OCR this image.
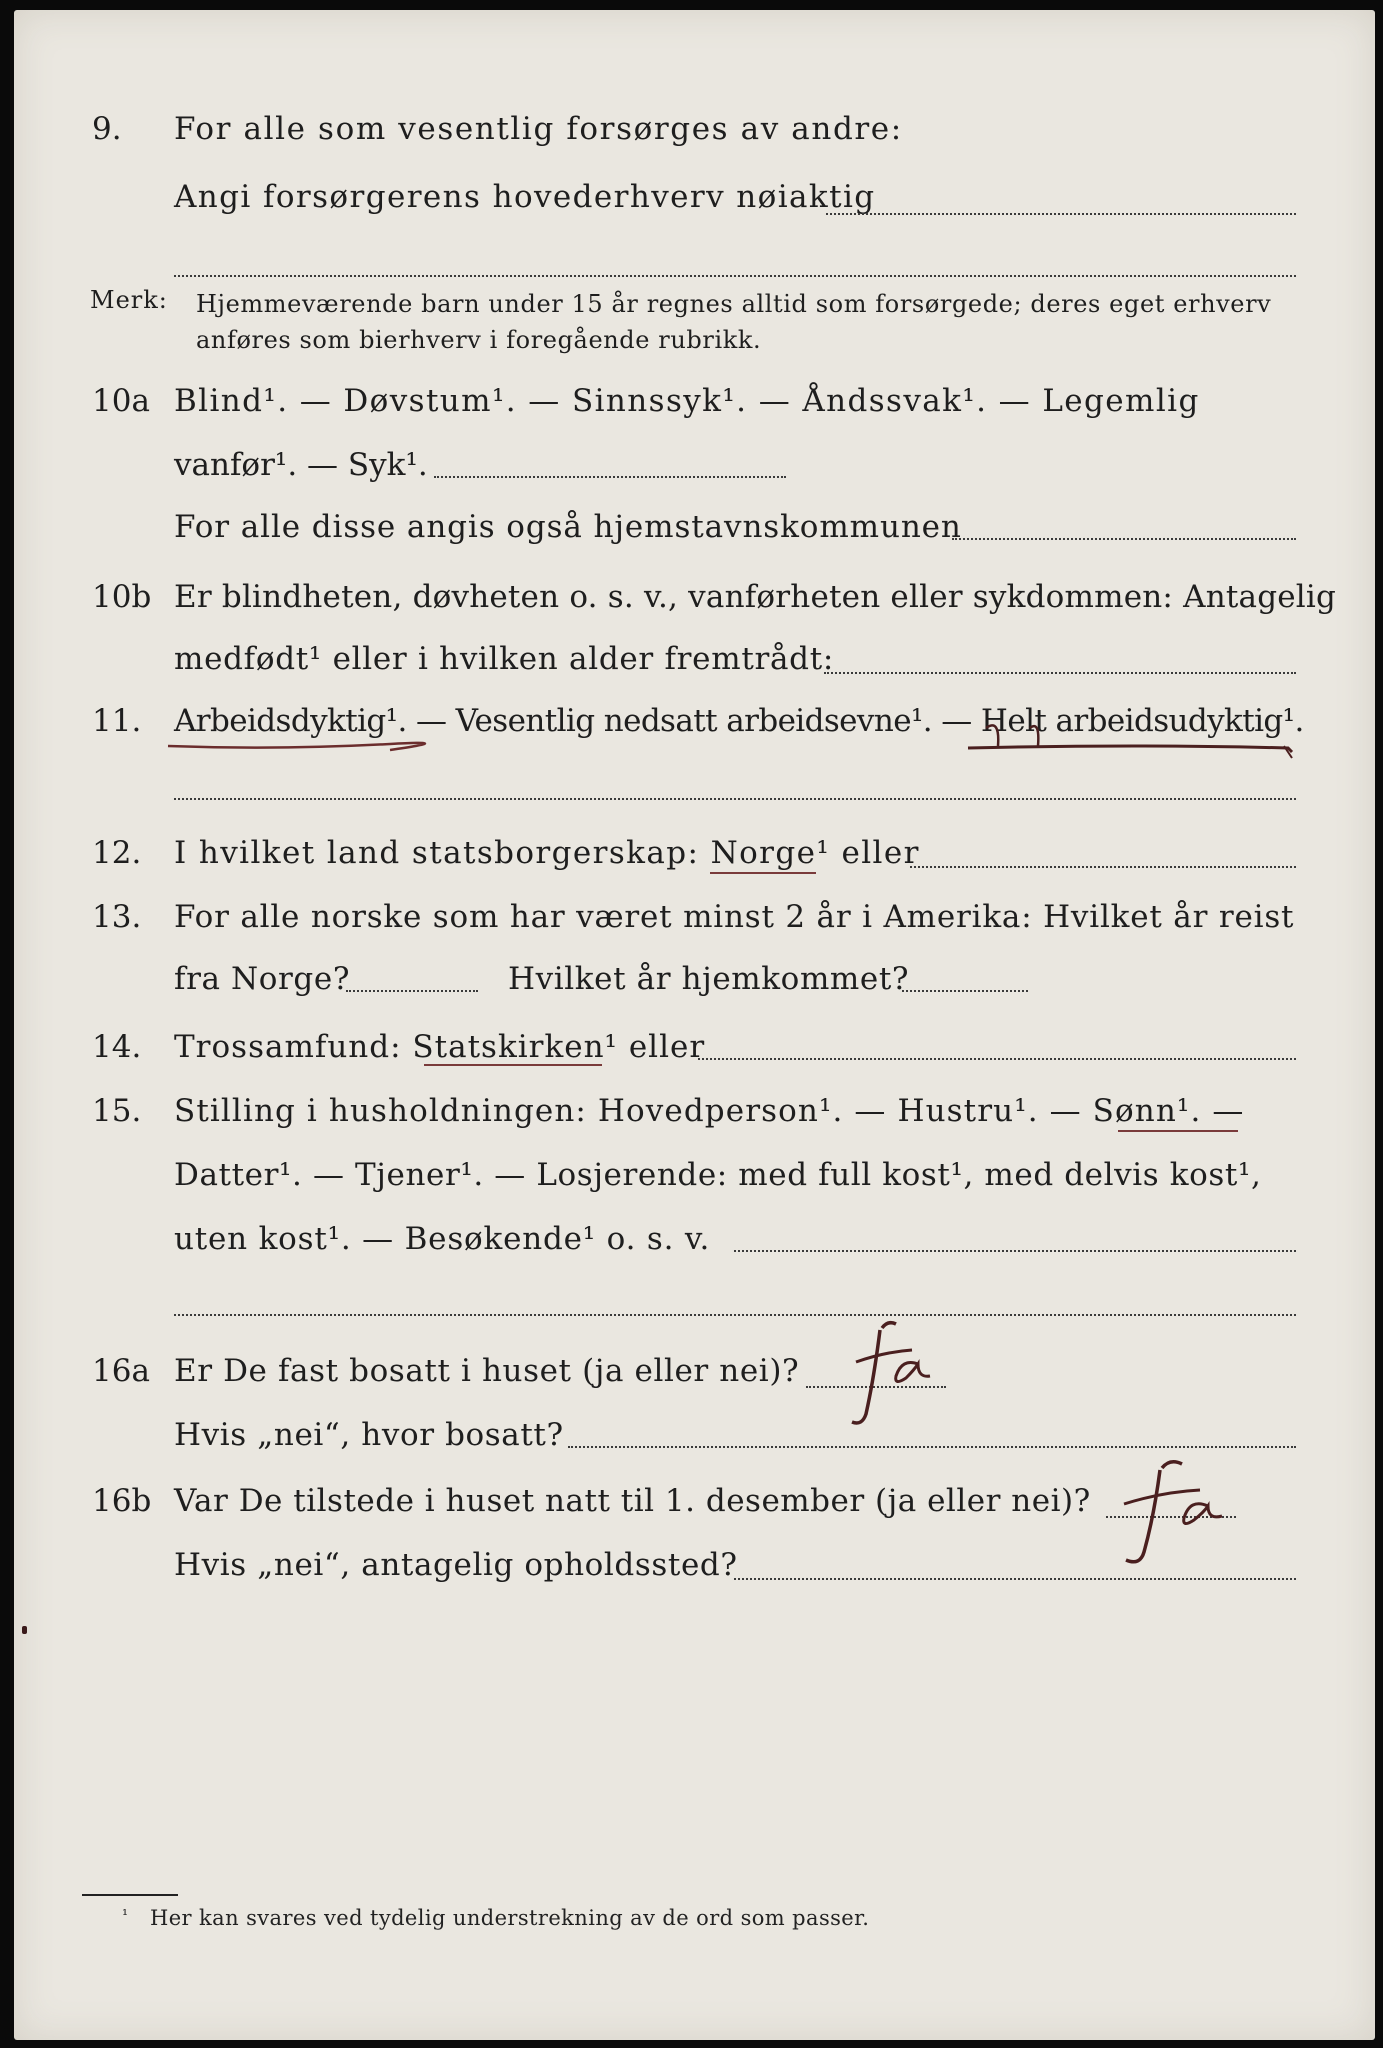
9. For alle som vesentlig forsørges av andre:
Angi forsørgerens hovederhverv nøiaktig
Merk: Hjemmeværende barn under 15 år regnes alltid som forsørgede; deres eget erhverv
anføres som bierhverv i foregående rubrikk.
10a Blind¹. — Døvstum¹. — Sinnssyk¹. — Åndssvak¹. — Legemlig
vanfør¹. — Syk¹.
For alle disse angis også hjemstavnskommunen
10b Er blindheten, døvheten o. s. v., vanførheten eller sykdommen: Antagelig
medfødt¹ eller i hvilken alder fremtrådt:
11. Arbeidsdyktig¹. — Vesentlig nedsatt arbeidsevne¹. — Helt arbeidsudyktig¹.
12. I hvilket land statsborgerskap: Norge¹ eller
13. For alle norske som har været minst 2 år i Amerika: Hvilket år reist
fra Norge?	Hvilket år hjemkommet?
14. Trossamfund: Statskirken¹ eller
15. Stilling i husholdningen: Hovedperson¹. — Hustru¹. — Sønn¹. —
Datter¹. — Tjener¹. — Losjerende: med full kost¹, med delvis kost¹,
uten kost¹. — Besøkende¹ o. s. v.
16a Er De fast bosatt i huset (ja eller nei)?
Hvis „nei“, hvor bosatt?
16b Var De tilstede i huset natt til 1. desember (ja eller nei)?
Hvis „nei“, antagelig opholdssted?
¹ Her kan svares ved tydelig understrekning av de ord som passer.
